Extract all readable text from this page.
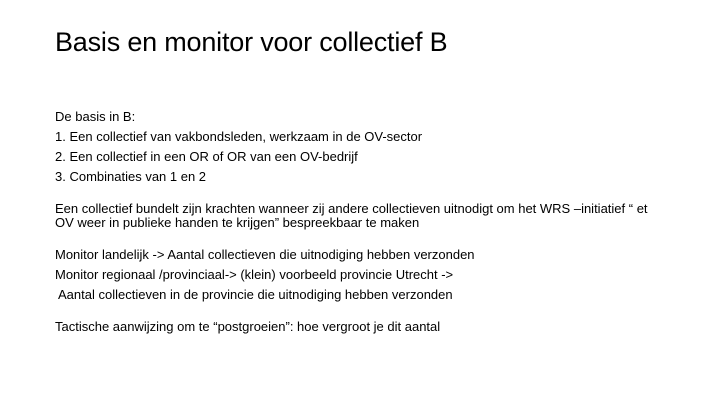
Basis en monitor voor collectief B
De basis in B:
1. Een collectief van vakbondsleden, werkzaam in de OV-sector
2. Een collectief in een OR of OR van een OV-bedrijf
3. Combinaties van 1 en 2
Een collectief bundelt zijn krachten wanneer zij andere collectieven uitnodigt om het WRS –initiatief “ et OV weer in publieke handen te krijgen” bespreekbaar te maken
Monitor landelijk -> Aantal collectieven die uitnodiging hebben verzonden
Monitor regionaal /provinciaal-> (klein) voorbeeld provincie Utrecht ->
Aantal collectieven in de provincie die uitnodiging hebben verzonden
Tactische aanwijzing om te “postgroeien”: hoe vergroot je dit aantal
